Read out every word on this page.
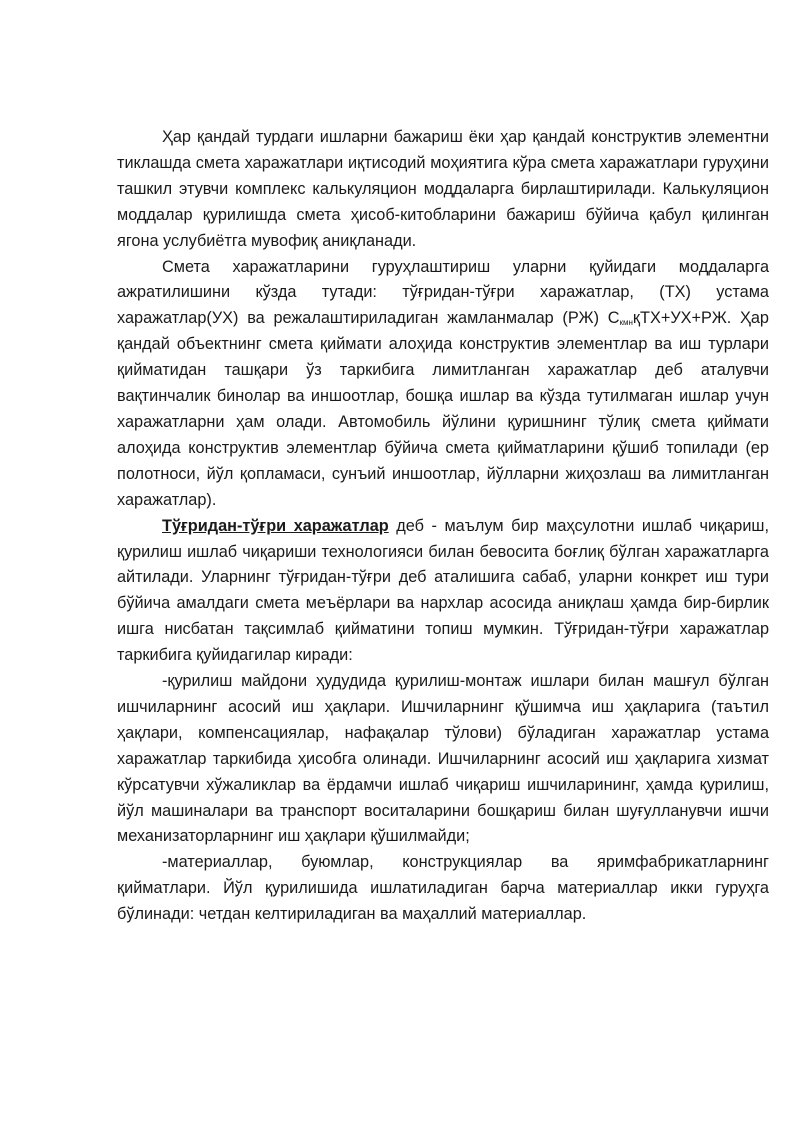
Ҳар қандай турдаги ишларни бажариш ёки ҳар қандай конструктив элементни тиклашда смета харажатлари иқтисодий моҳиятига кўра смета харажатлари гуруҳини ташкил этувчи комплекс калькуляцион моддаларга бирлаштирилади. Калькуляцион моддалар қурилишда смета ҳисоб-китобларини бажариш бўйича қабул қилинган ягона услубиётга мувофиқ аниқланади.

Смета харажатларини гуруҳлаштириш уларни қуйидаги моддаларга ажратилишини кўзда тутади: тўғридан-тўғри харажатлар, (ТХ) устама харажатлар(УХ) ва режалаштириладиган жамланмалар (РЖ) $С_{кмн}қТХ+УХ+РЖ$. Ҳар қандай объектнинг смета қиймати алоҳида конструктив элементлар ва иш турлари қийматидан ташқари ўз таркибига лимитланган харажатлар деб аталувчи вақтинчалик бинолар ва иншоотлар, бошқа ишлар ва кўзда тутилмаган ишлар учун харажатларни ҳам олади. Автомобиль йўлини қуришнинг тўлиқ смета қиймати алоҳида конструктив элементлар бўйича смета қийматларини қўшиб топилади (ер полотноси, йўл қопламаси, сунъий иншоотлар, йўлларни жиҳозлаш ва лимитланган харажатлар).

Тўғридан-тўғри харажатлар деб - маълум бир маҳсулотни ишлаб чиқариш, қурилиш ишлаб чиқариши технологияси билан бевосита боғлиқ бўлган харажатларга айтилади. Уларнинг тўғридан-тўғри деб аталишига сабаб, уларни конкрет иш тури бўйича амалдаги смета меъёрлари ва нархлар асосида аниқлаш ҳамда бир-бирлик ишга нисбатан тақсимлаб қийматини топиш мумкин. Тўғридан-тўғри харажатлар таркибига қуйидагилар киради:

-қурилиш майдони ҳудудида қурилиш-монтаж ишлари билан машғул бўлган ишчиларнинг асосий иш ҳақлари. Ишчиларнинг қўшимча иш ҳақларига (таътил ҳақлари, компенсациялар, нафақалар тўлови) бўладиган харажатлар устама харажатлар таркибида ҳисобга олинади. Ишчиларнинг асосий иш ҳақларига хизмат кўрсатувчи хўжаликлар ва ёрдамчи ишлаб чиқариш ишчиларининг, ҳамда қурилиш, йўл машиналари ва транспорт воситаларини бошқариш билан шуғулланувчи ишчи механизаторларнинг иш ҳақлари қўшилмайди;

-материаллар, буюмлар, конструкциялар ва яримфабрикатларнинг қийматлари. Йўл қурилишида ишлатиладиган барча материаллар икки гуруҳга бўлинади: четдан келтириладиган ва маҳаллий материаллар.
